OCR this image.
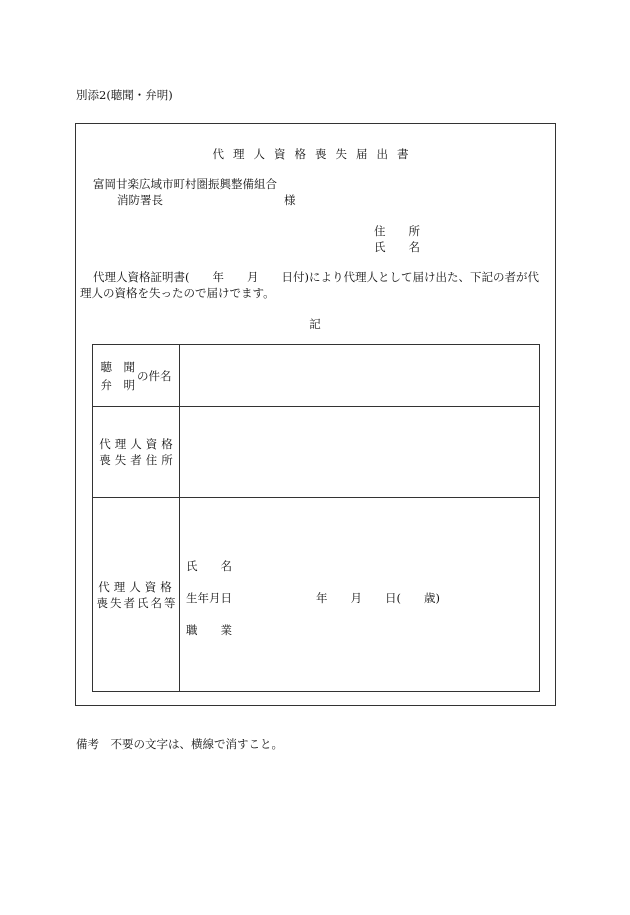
別添2(聴聞・弁明)
代理人資格喪失届出書
富岡甘楽広域市町村圏振興整備組合
消防署長	様
住　　所
氏　　名
代理人資格証明書(　　年　　月　　日付)により代理人として届け出た、下記の者が代
理人の資格を失ったので届けでます。
記
聴　聞
弁　明
の件名	

代理人資格
喪失者住所	

代理人資格
喪失者氏名等	氏　　名
生年月日 年　　月　　日(　　歳)
職　　業
備考　不要の文字は、横線で消すこと。
